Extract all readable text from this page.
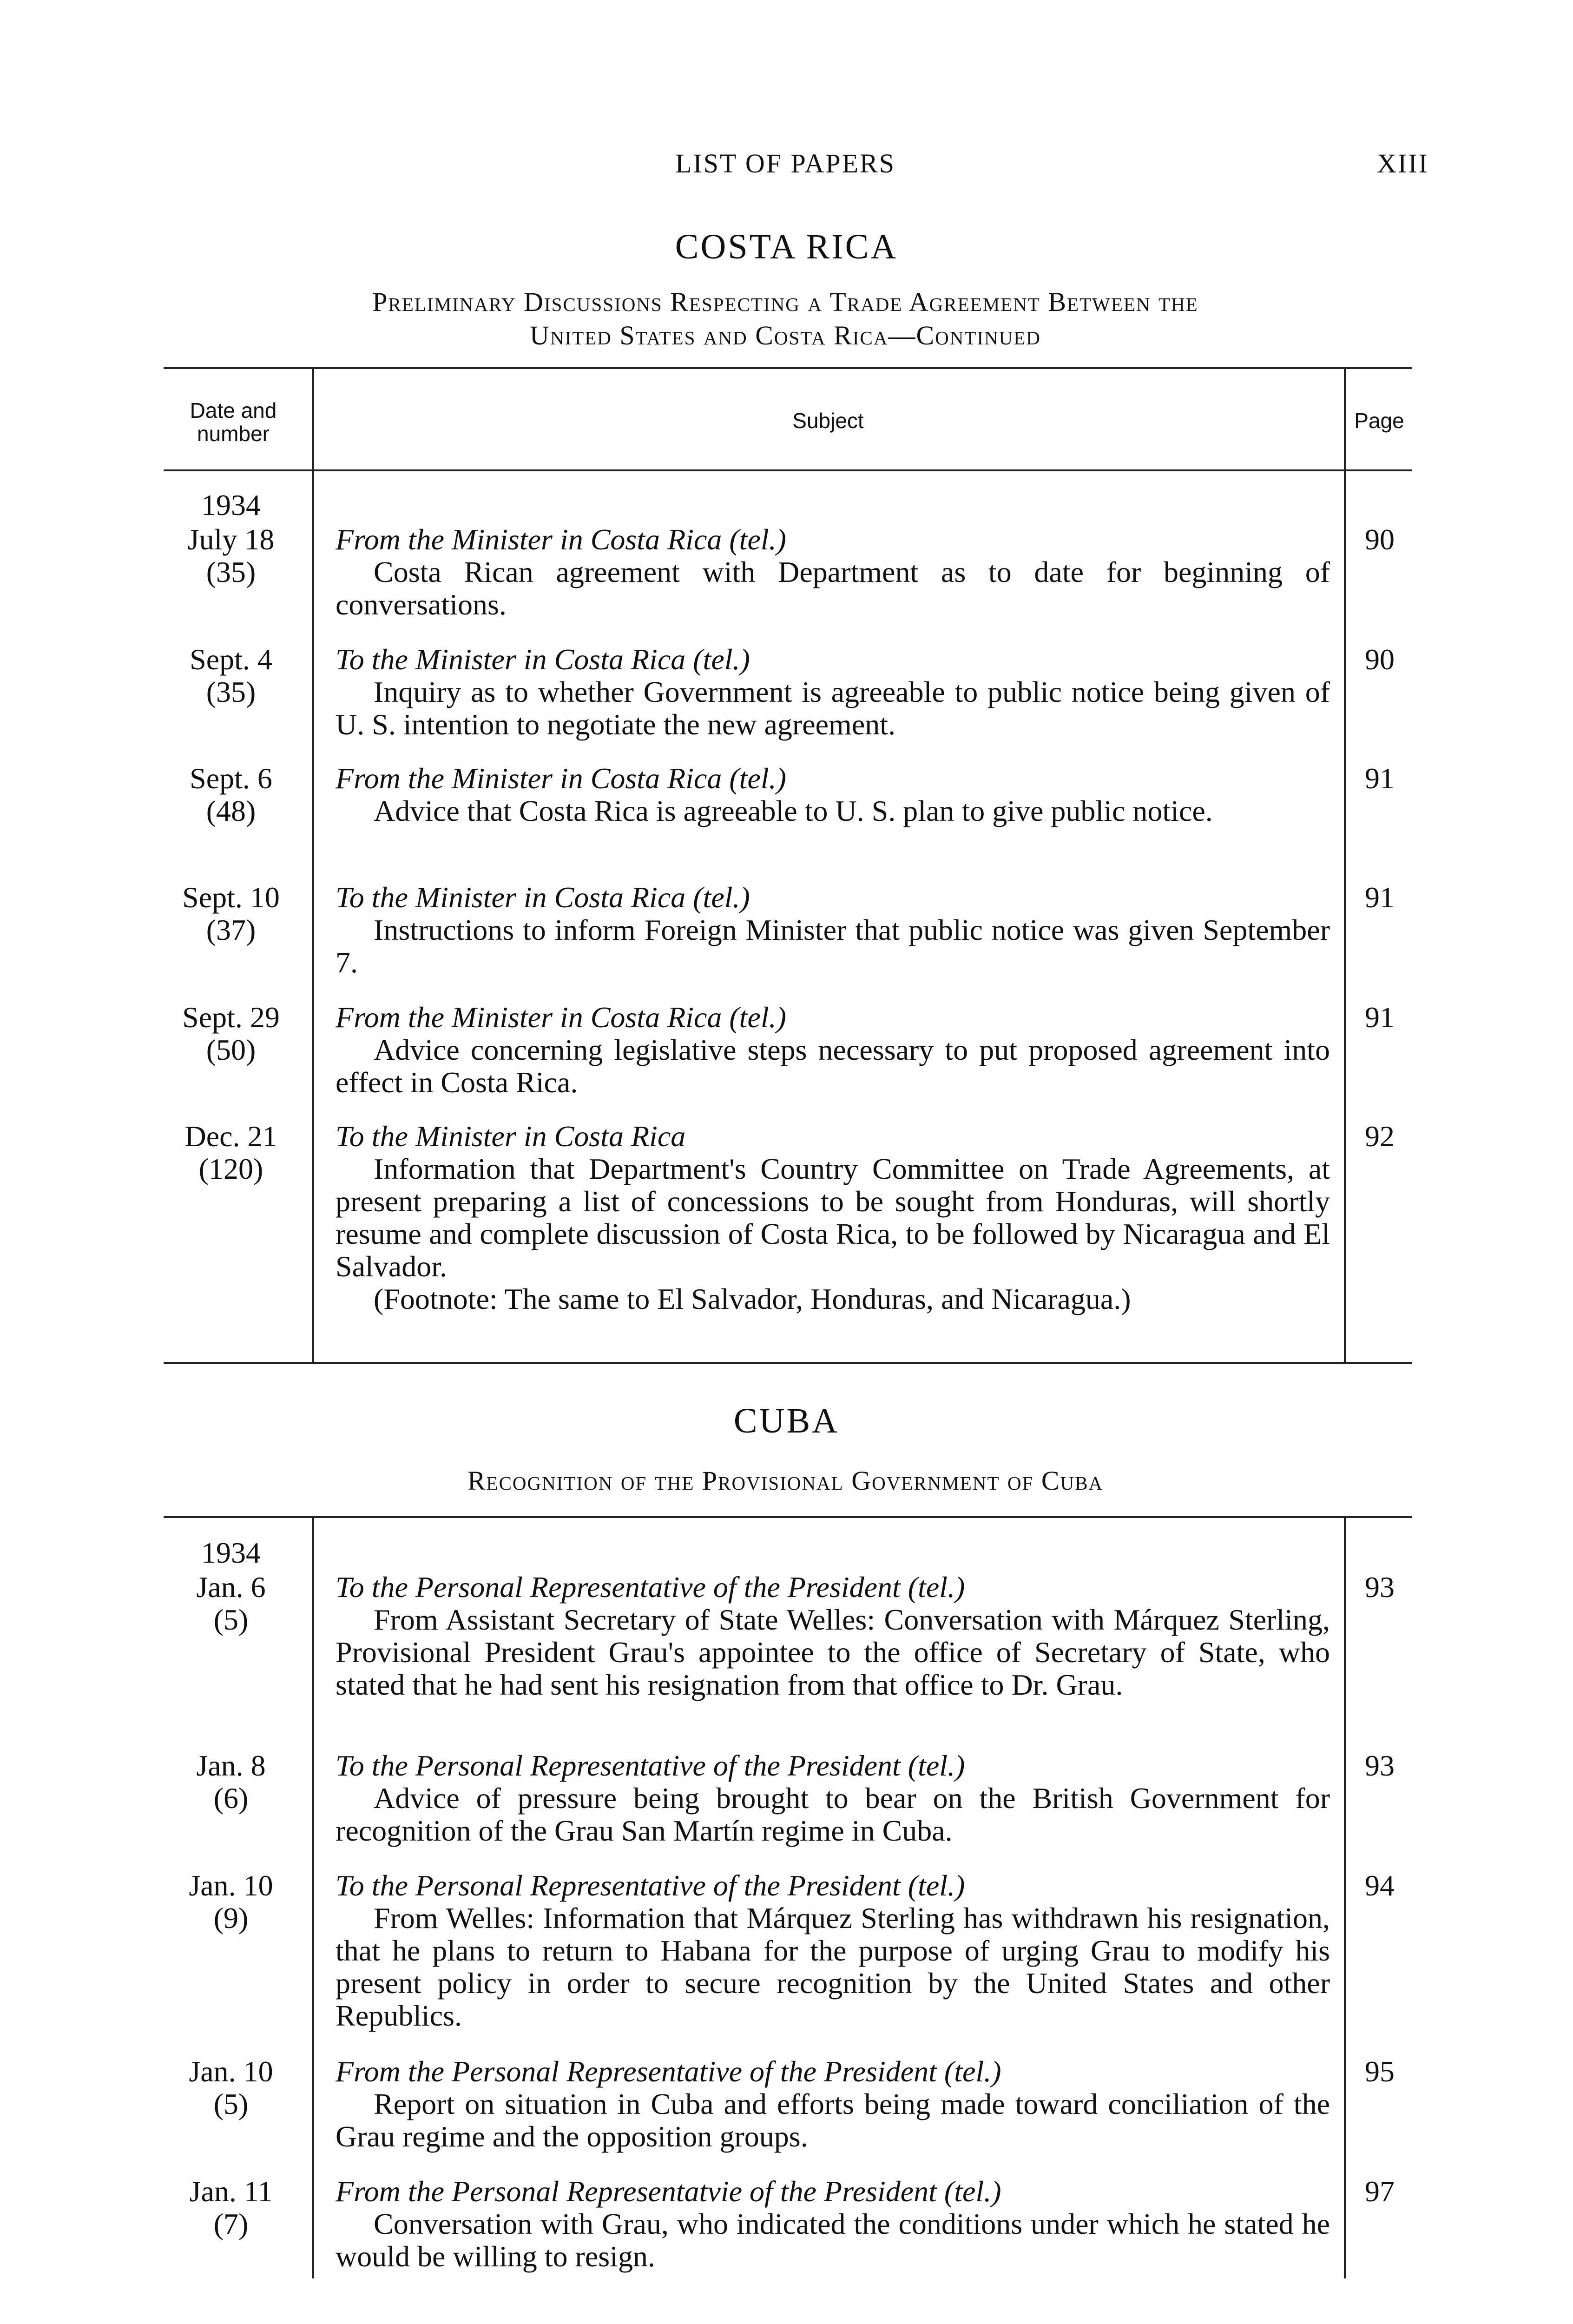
LIST OF PAPERS	XIII
COSTA RICA
Preliminary Discussions Respecting a Trade Agreement Between the
United States and Costa Rica—Continued
Date and number
Subject	Page
1934
July 18
(35)
From the Minister in Costa Rica (tel.)
Costa Rican agreement with Department as to date for beginning of conversations.
90
Sept. 4
(35)
To the Minister in Costa Rica (tel.)
Inquiry as to whether Government is agreeable to public notice being given of U. S. intention to negotiate the new agreement.
90
Sept. 6
(48)
From the Minister in Costa Rica (tel.)
Advice that Costa Rica is agreeable to U. S. plan to give public notice.
91
Sept. 10
(37)
To the Minister in Costa Rica (tel.)
Instructions to inform Foreign Minister that public notice was given September 7.
91
Sept. 29
(50)
From the Minister in Costa Rica (tel.)
Advice concerning legislative steps necessary to put proposed agreement into effect in Costa Rica.
91
Dec. 21
(120)
To the Minister in Costa Rica
Information that Department's Country Committee on Trade Agreements, at present preparing a list of concessions to be sought from Honduras, will shortly resume and complete discussion of Costa Rica, to be followed by Nicaragua and El Salvador.
(Footnote: The same to El Salvador, Honduras, and Nicaragua.)
92
CUBA
Recognition of the Provisional Government of Cuba
1934
Jan. 6
(5)
To the Personal Representative of the President (tel.)
From Assistant Secretary of State Welles: Conversation with Márquez Sterling, Provisional President Grau's appointee to the office of Secretary of State, who stated that he had sent his resignation from that office to Dr. Grau.
93
Jan. 8
(6)
To the Personal Representative of the President (tel.)
Advice of pressure being brought to bear on the British Government for recognition of the Grau San Martín regime in Cuba.
93
Jan. 10
(9)
To the Personal Representative of the President (tel.)
From Welles: Information that Márquez Sterling has withdrawn his resignation, that he plans to return to Habana for the purpose of urging Grau to modify his present policy in order to secure recognition by the United States and other Republics.
94
Jan. 10
(5)
From the Personal Representative of the President (tel.)
Report on situation in Cuba and efforts being made toward conciliation of the Grau regime and the opposition groups.
95
Jan. 11
(7)
From the Personal Representatvie of the President (tel.)
Conversation with Grau, who indicated the conditions under which he stated he would be willing to resign.
97
